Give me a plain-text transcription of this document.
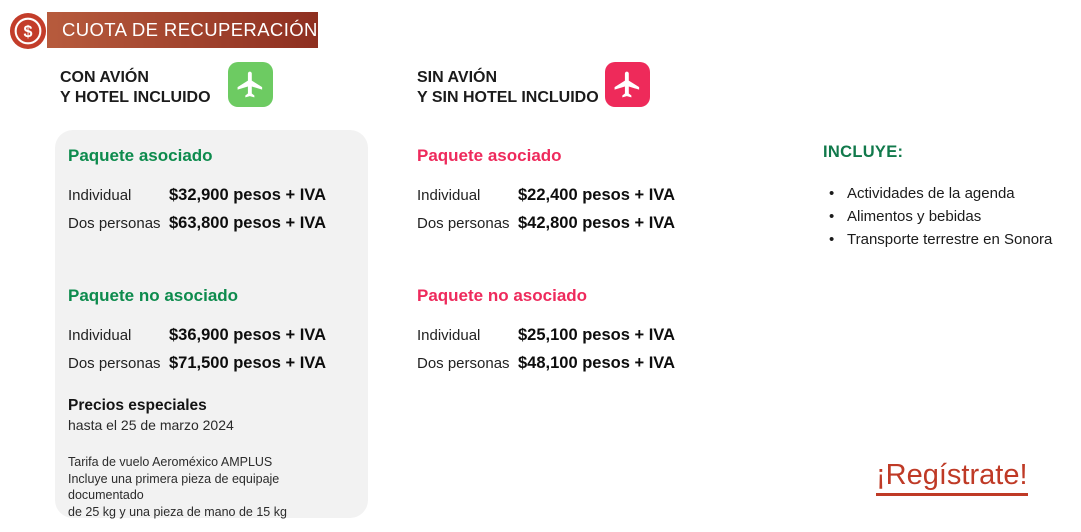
$	CUOTA DE RECUPERACIÓN
CON AVIÓN
Y HOTEL INCLUIDO
SIN AVIÓN
Y SIN HOTEL INCLUIDO
Paquete asociado
Individual	$32,900 pesos + IVA
Dos personas $63,800 pesos + IVA
Paquete no asociado
Individual	$36,900 pesos + IVA
Dos personas $71,500 pesos + IVA
Precios especiales
hasta el 25 de marzo 2024
Tarifa de vuelo Aeroméxico AMPLUS
Incluye una primera pieza de equipaje documentado
de 25 kg y una pieza de mano de 15 kg
Paquete asociado
Individual	$22,400 pesos + IVA
Dos personas $42,800 pesos + IVA
Paquete no asociado
Individual	$25,100 pesos + IVA
Dos personas $48,100 pesos + IVA
INCLUYE:
• Actividades de la agenda
• Alimentos y bebidas
• Transporte terrestre en Sonora
¡Regístrate!
